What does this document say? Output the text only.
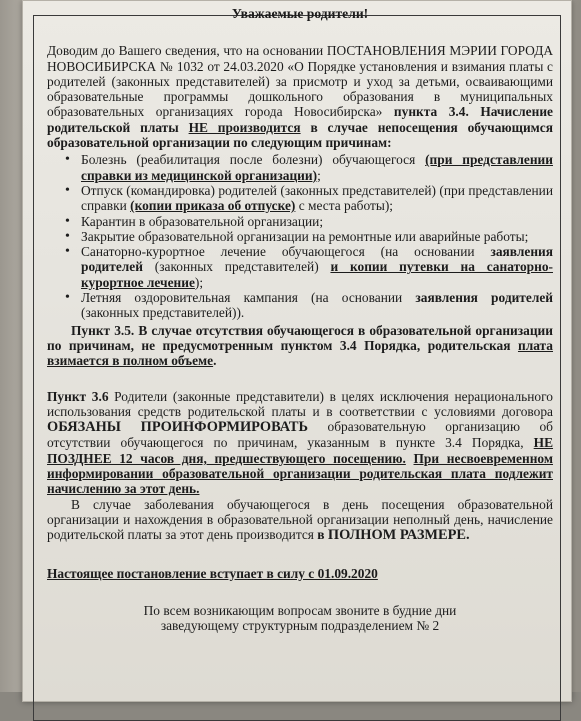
Уважаемые родители!
Доводим до Вашего сведения, что на основании ПОСТАНОВЛЕНИЯ МЭРИИ ГОРОДА НОВОСИБИРСКА № 1032 от 24.03.2020 «О Порядке установления и взимания платы с родителей (законных представителей) за присмотр и уход за детьми, осваивающими образовательные программы дошкольного образования в муниципальных образовательных организациях города Новосибирска» пункта 3.4. Начисление родительской платы НЕ производится в случае непосещения обучающимся образовательной организации по следующим причинам:
• Болезнь (реабилитация после болезни) обучающегося (при представлении справки из медицинской организации);
• Отпуск (командировка) родителей (законных представителей) (при представлении справки (копии приказа об отпуске) с места работы);
• Карантин в образовательной организации;
• Закрытие образовательной организации на ремонтные или аварийные работы;
• Санаторно-курортное лечение обучающегося (на основании заявления родителей (законных представителей) и копии путевки на санаторно-курортное лечение);
• Летняя оздоровительная кампания (на основании заявления родителей (законных представителей)).
Пункт 3.5. В случае отсутствия обучающегося в образовательной организации по причинам, не предусмотренным пунктом 3.4 Порядка, родительская плата взимается в полном объеме.
Пункт 3.6 Родители (законные представители) в целях исключения нерационального использования средств родительской платы и в соответствии с условиями договора ОБЯЗАНЫ ПРОИНФОРМИРОВАТЬ образовательную организацию об отсутствии обучающегося по причинам, указанным в пункте 3.4 Порядка, НЕ ПОЗДНЕЕ 12 часов дня, предшествующего посещению. При несвоевременном информировании образовательной организации родительская плата подлежит начислению за этот день.
В случае заболевания обучающегося в день посещения образовательной организации и нахождения в образовательной организации неполный день, начисление родительской платы за этот день производится в ПОЛНОМ РАЗМЕРЕ.
Настоящее постановление вступает в силу с 01.09.2020
По всем возникающим вопросам звоните в будние дни
заведующему структурным подразделением № 2
